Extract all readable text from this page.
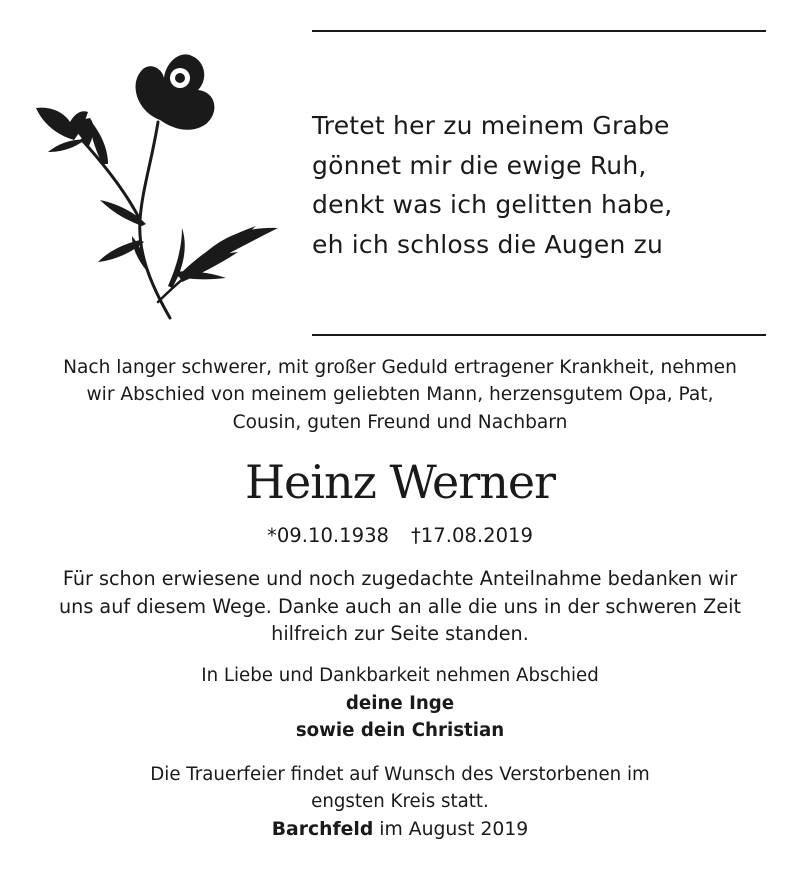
Tretet her zu meinem Grabe
gönnet mir die ewige Ruh,
denkt was ich gelitten habe,
eh ich schloss die Augen zu
Nach langer schwerer, mit großer Geduld ertragener Krankheit, nehmen
wir Abschied von meinem geliebten Mann, herzensgutem Opa, Pat,
Cousin, guten Freund und Nachbarn
Heinz Werner
*09.10.1938 †17.08.2019
Für schon erwiesene und noch zugedachte Anteilnahme bedanken wir
uns auf diesem Wege. Danke auch an alle die uns in der schweren Zeit
hilfreich zur Seite standen.
In Liebe und Dankbarkeit nehmen Abschied
deine Inge
sowie dein Christian
Die Trauerfeier findet auf Wunsch des Verstorbenen im
engsten Kreis statt.
Barchfeld im August 2019
